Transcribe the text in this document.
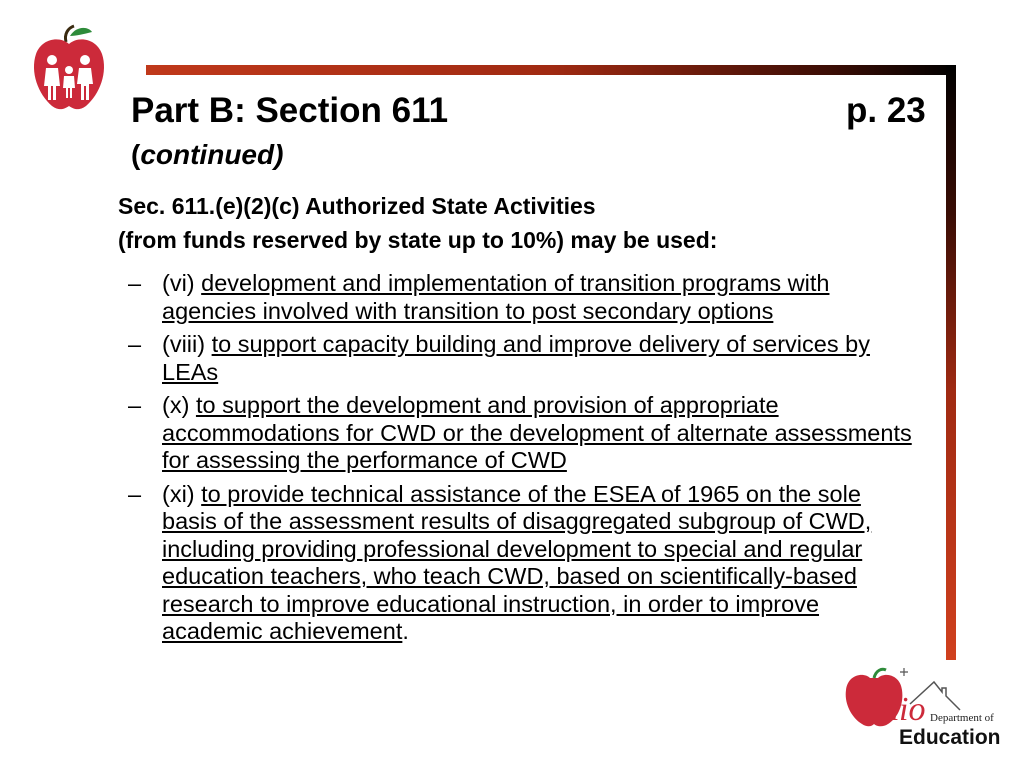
Part B: Section 611	p. 23
(continued)
Sec. 611.(e)(2)(c) Authorized State Activities
(from funds reserved by state up to 10%) may be used:
– (vi) development and implementation of transition programs with agencies involved with transition to post secondary options
– (viii) to support capacity building and improve delivery of services by LEAs
– (x) to support the development and provision of appropriate accommodations for CWD or the development of alternate assessments for assessing the performance of CWD
– (xi) to provide technical assistance of the ESEA of 1965 on the sole basis of the assessment results of disaggregated subgroup of CWD, including providing professional development to special and regular education teachers, who teach CWD, based on scientifically-based research to improve educational instruction, in order to improve academic achievement.
hio Department of
Education
